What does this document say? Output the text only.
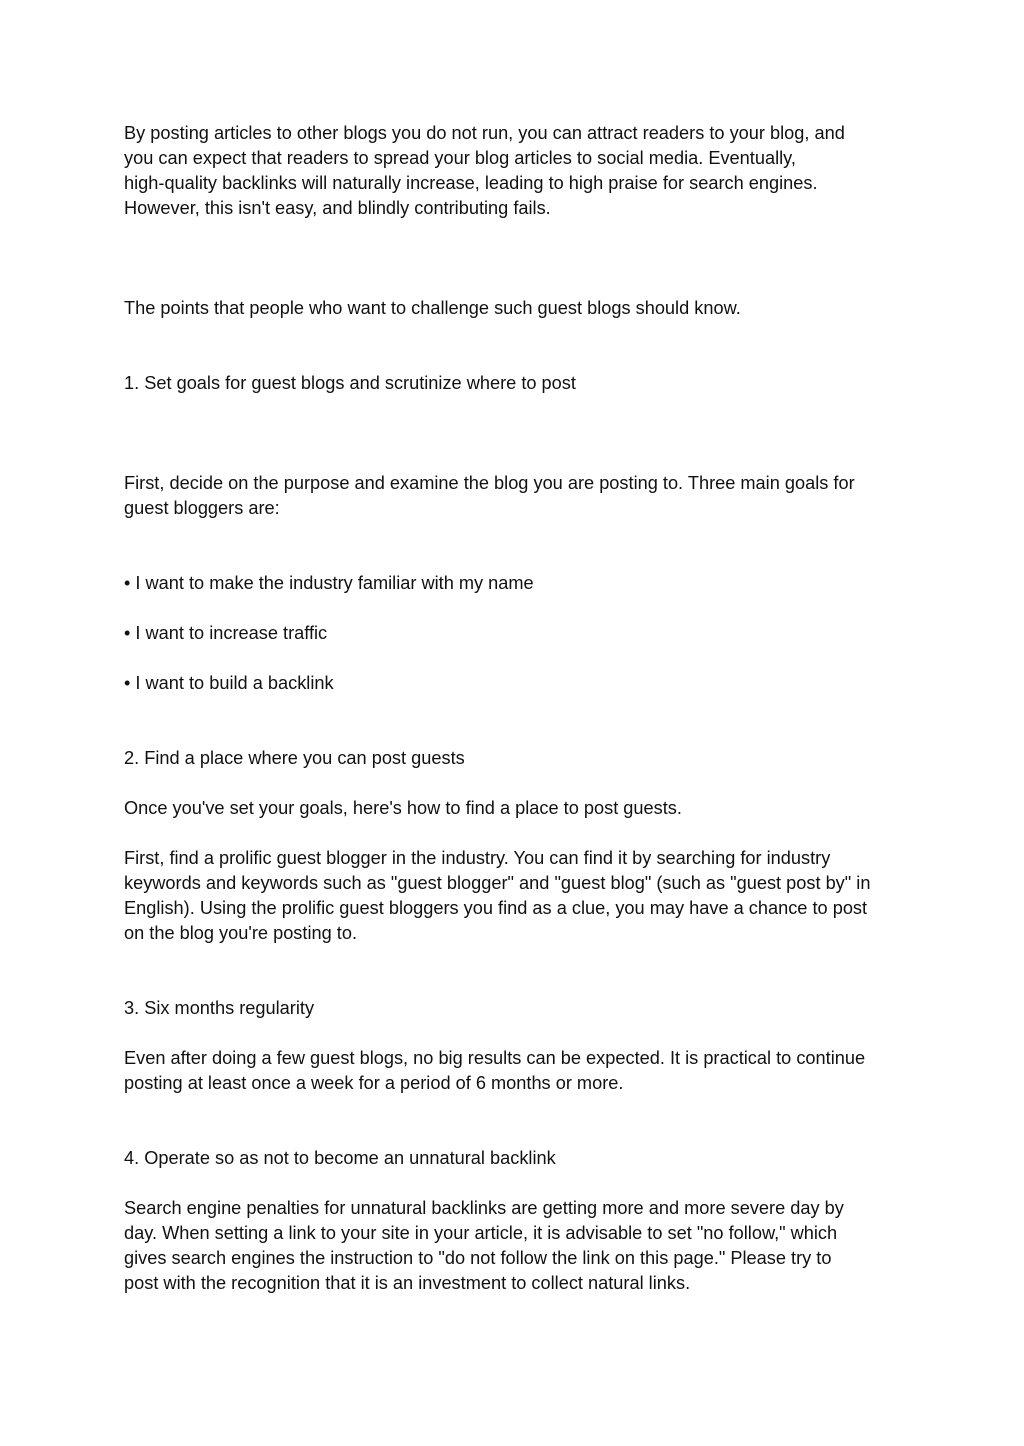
By posting articles to other blogs you do not run, you can attract readers to your blog, and
you can expect that readers to spread your blog articles to social media. Eventually,
high-quality backlinks will naturally increase, leading to high praise for search engines.
However, this isn't easy, and blindly contributing fails.

The points that people who want to challenge such guest blogs should know.

1. Set goals for guest blogs and scrutinize where to post

First, decide on the purpose and examine the blog you are posting to. Three main goals for
guest bloggers are:

• I want to make the industry familiar with my name

• I want to increase traffic

• I want to build a backlink

2. Find a place where you can post guests

Once you've set your goals, here's how to find a place to post guests.

First, find a prolific guest blogger in the industry. You can find it by searching for industry
keywords and keywords such as "guest blogger" and "guest blog" (such as "guest post by" in
English). Using the prolific guest bloggers you find as a clue, you may have a chance to post
on the blog you're posting to.

3. Six months regularity

Even after doing a few guest blogs, no big results can be expected. It is practical to continue
posting at least once a week for a period of 6 months or more.

4. Operate so as not to become an unnatural backlink

Search engine penalties for unnatural backlinks are getting more and more severe day by
day. When setting a link to your site in your article, it is advisable to set "no follow," which
gives search engines the instruction to "do not follow the link on this page." Please try to
post with the recognition that it is an investment to collect natural links.
